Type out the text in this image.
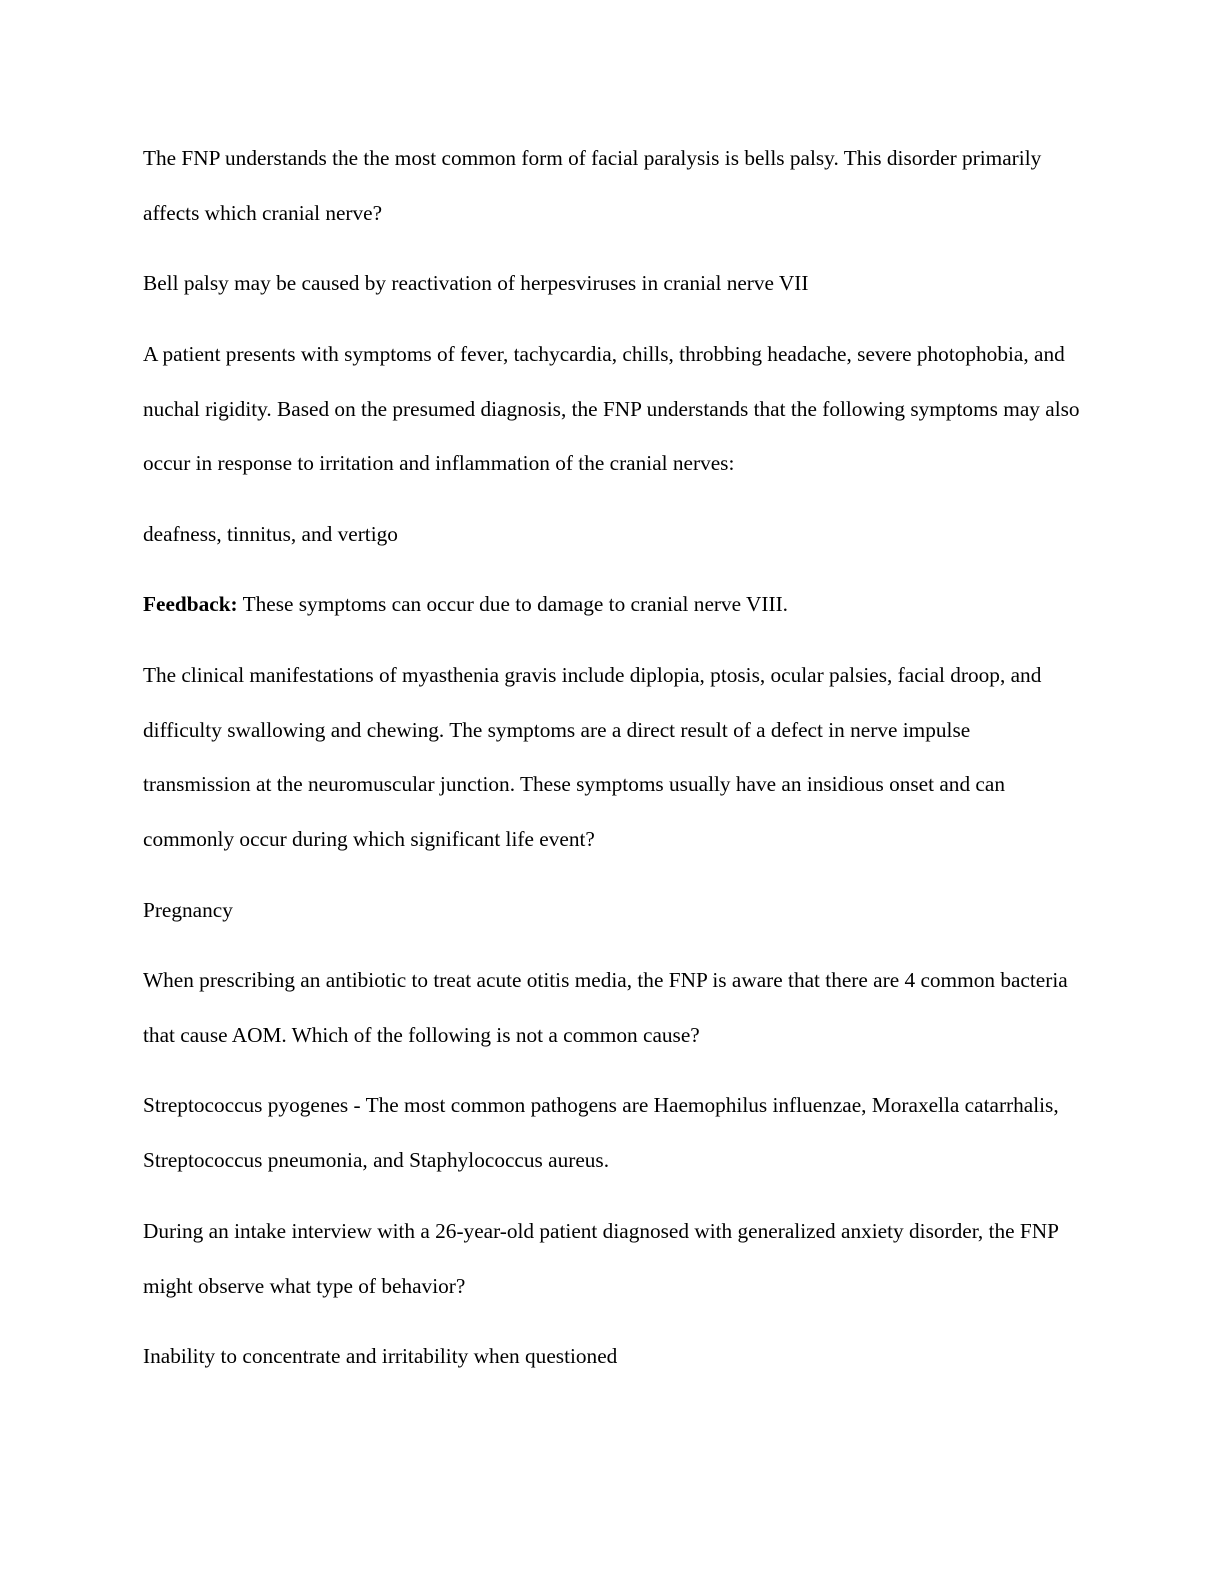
The FNP understands the the most common form of facial paralysis is bells palsy. This disorder primarily affects which cranial nerve?

Bell palsy may be caused by reactivation of herpesviruses in cranial nerve VII

A patient presents with symptoms of fever, tachycardia, chills, throbbing headache, severe photophobia, and nuchal rigidity. Based on the presumed diagnosis, the FNP understands that the following symptoms may also occur in response to irritation and inflammation of the cranial nerves:

deafness, tinnitus, and vertigo

Feedback: These symptoms can occur due to damage to cranial nerve VIII.

The clinical manifestations of myasthenia gravis include diplopia, ptosis, ocular palsies, facial droop, and difficulty swallowing and chewing. The symptoms are a direct result of a defect in nerve impulse transmission at the neuromuscular junction. These symptoms usually have an insidious onset and can commonly occur during which significant life event?

Pregnancy

When prescribing an antibiotic to treat acute otitis media, the FNP is aware that there are 4 common bacteria that cause AOM. Which of the following is not a common cause?

Streptococcus pyogenes - The most common pathogens are Haemophilus influenzae, Moraxella catarrhalis, Streptococcus pneumonia, and Staphylococcus aureus.

During an intake interview with a 26-year-old patient diagnosed with generalized anxiety disorder, the FNP might observe what type of behavior?

Inability to concentrate and irritability when questioned
